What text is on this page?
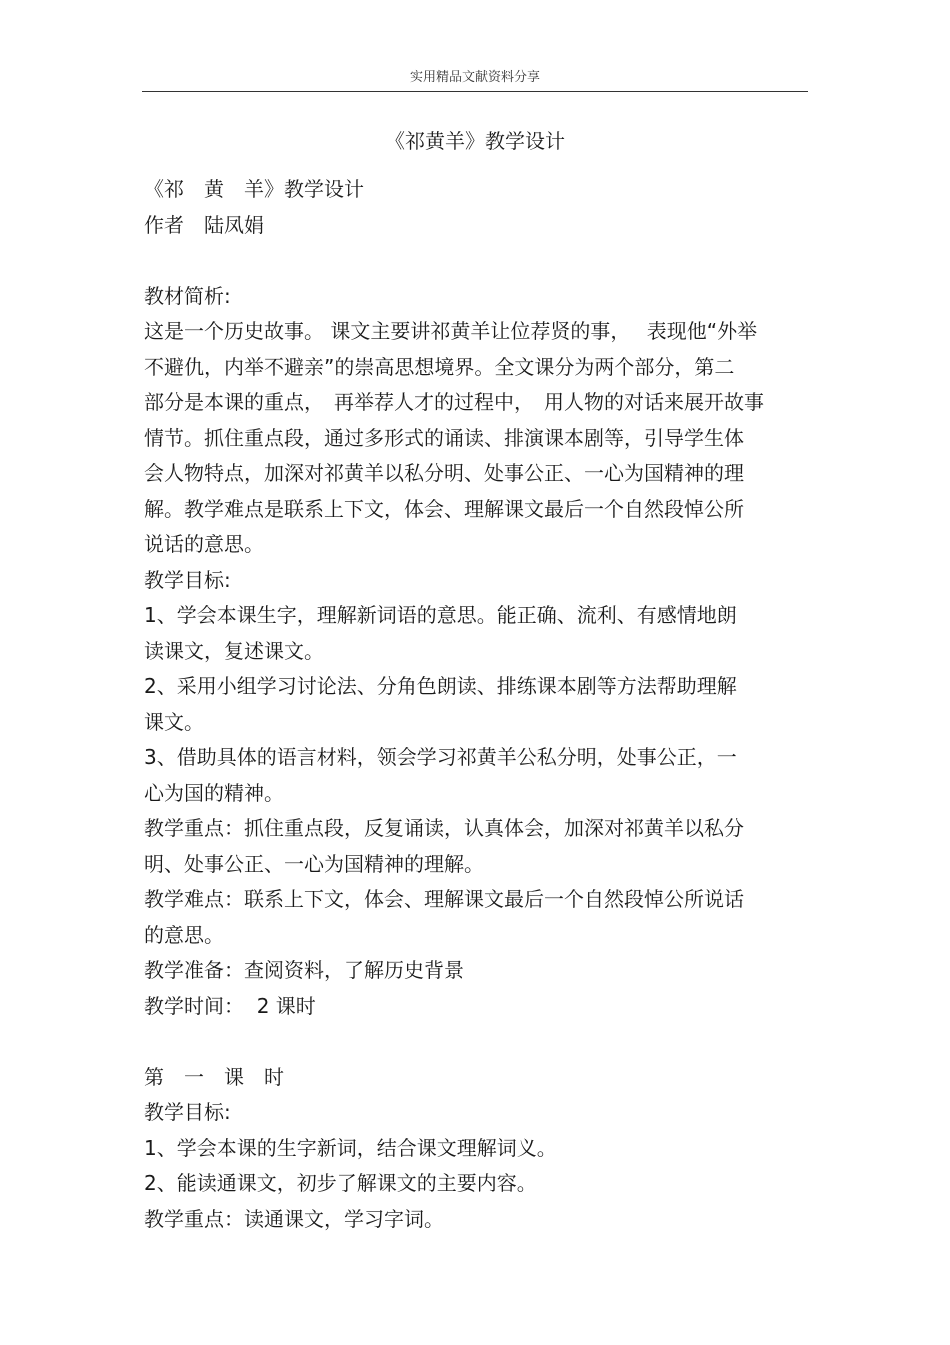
实用精品文献资料分享
《祁黄羊》教学设计
《祁　黄　羊》教学设计
作者　陆凤娟
教材简析:
这是一个历史故事。 课文主要讲祁黄羊让位荐贤的事，　 表现他“外举
不避仇，内举不避亲”的崇高思想境界。全文课分为两个部分，第二
部分是本课的重点，　再举荐人才的过程中，　用人物的对话来展开故事
情节。抓住重点段，通过多形式的诵读、排演课本剧等，引导学生体
会人物特点，加深对祁黄羊以私分明、处事公正、一心为国精神的理
解。教学难点是联系上下文，体会、理解课文最后一个自然段悼公所
说话的意思。
教学目标:
1、学会本课生字，理解新词语的意思。能正确、流利、有感情地朗
读课文，复述课文。
2、采用小组学习讨论法、分角色朗读、排练课本剧等方法帮助理解
课文。
3、借助具体的语言材料，领会学习祁黄羊公私分明，处事公正，一
心为国的精神。
教学重点：抓住重点段，反复诵读，认真体会，加深对祁黄羊以私分
明、处事公正、一心为国精神的理解。
教学难点：联系上下文，体会、理解课文最后一个自然段悼公所说话
的意思。
教学准备：查阅资料，了解历史背景
教学时间：  2 课时
第　一　课　时
教学目标:
1、学会本课的生字新词，结合课文理解词义。
2、能读通课文，初步了解课文的主要内容。
教学重点：读通课文，学习字词。
